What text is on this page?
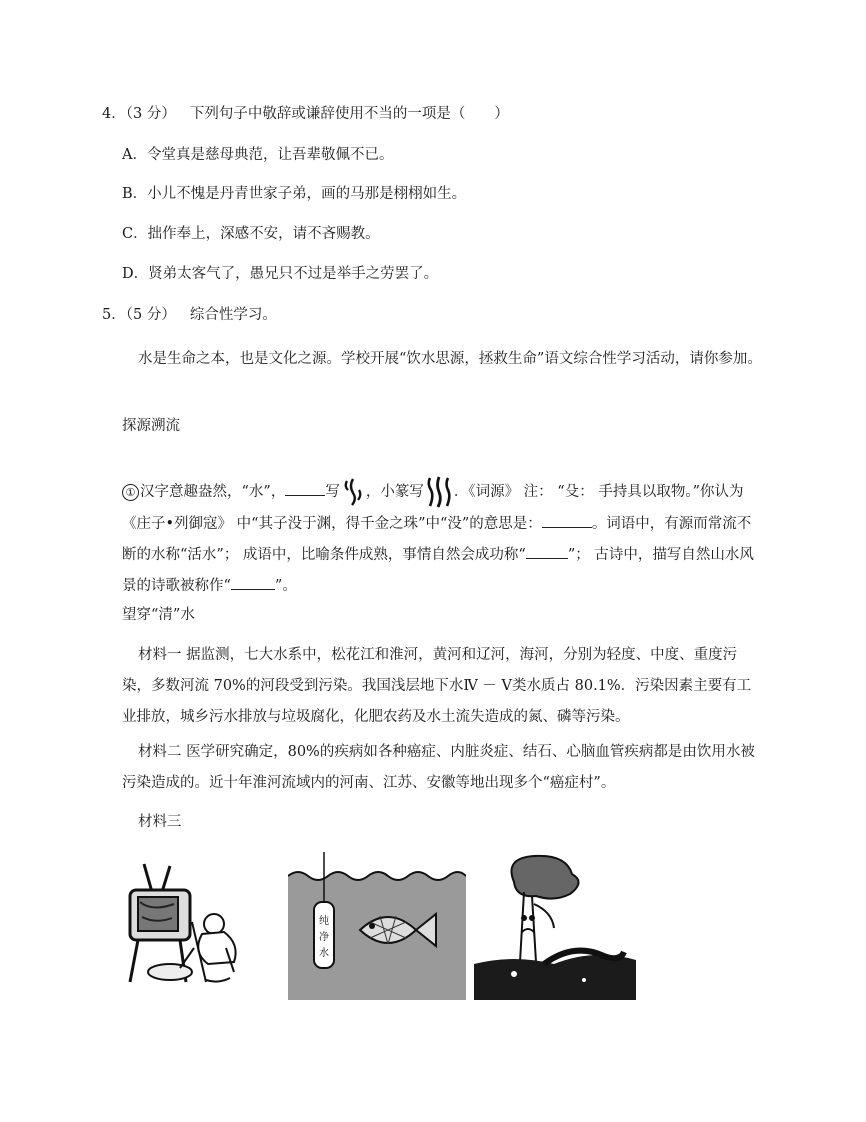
4．（3 分） 下列句子中敬辞或谦辞使用不当的一项是（　　）
A．令堂真是慈母典范，让吾辈敬佩不已。
B．小儿不愧是丹青世家子弟，画的马那是栩栩如生。
C．拙作奉上，深感不安，请不吝赐教。
D．贤弟太客气了，愚兄只不过是举手之劳罢了。
5．（5 分） 综合性学习。
水是生命之本，也是文化之源。学校开展“饮水思源，拯救生命”语文综合性学习活动，请你参加。
探源溯流
① 汉字意趣盎然，“水”，	写 ，小篆写 ．《词源》 注： “殳： 手持具以取物。”你认为《庄子•列御寇》 中“其子没于渊，得千金之珠”中“没”的意思是：	。词语中，有源而常流不断的水称“活水”； 成语中，比喻条件成熟，事情自然会成功称“	”； 古诗中，描写自然山水风景的诗歌被称作“	”。
望穿“清”水
材料一 据监测，七大水系中，松花江和淮河，黄河和辽河，海河，分别为轻度、中度、重度污染，多数河流 70%的河段受到污染。我国浅层地下水Ⅳ － Ⅴ类水质占 80.1%．污染因素主要有工业排放，城乡污水排放与垃圾腐化，化肥农药及水土流失造成的氮、磷等污染。
材料二 医学研究确定，80%的疾病如各种癌症、内脏炎症、结石、心脑血管疾病都是由饮用水被污染造成的。近十年淮河流域内的河南、江苏、安徽等地出现多个“癌症村”。
材料三
纯
净
水
